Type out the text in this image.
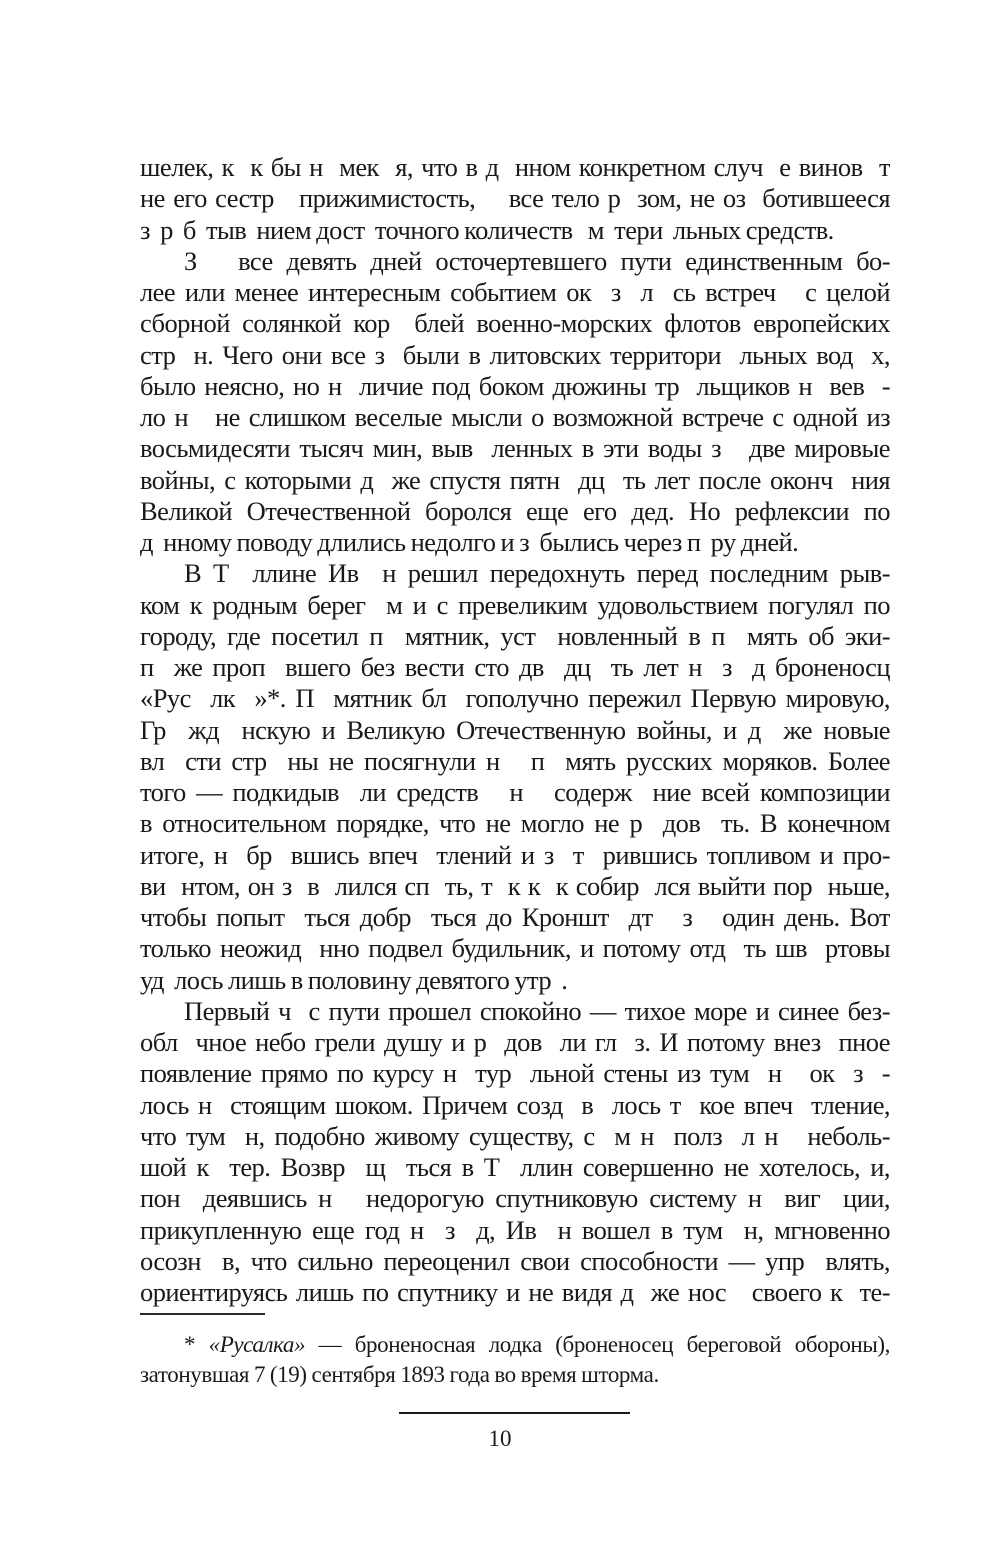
шелек, к  к бы н  мек  я, что в д  нном конкретном случ  е винов  т
не его сестр   прижимистость,    все тело р  зом, не оз  ботившееся
з  р  б  тыв  нием дост  точного количеств   м  тери  льных средств.
З   все девять дней осточертевшего пути единственным бо-
лее или менее интересным событием ок  з  л  сь встреч   с целой
сборной солянкой кор  блей военно-морских флотов европейских
стр  н. Чего они все з  были в литовских территори  льных вод  х,
было неясно, но н  личие под боком дюжины тр  льщиков н  вев  -
ло н   не слишком веселые мысли о возможной встрече с одной из
восьмидесяти тысяч мин, выв  ленных в эти воды з   две мировые
войны, с которыми д  же спустя пятн  дц  ть лет после оконч  ния
Великой Отечественной боролся еще его дед. Но рефлексии по
д  нному поводу длились недолго и з  былись через п  ру дней.
В Т  ллине Ив  н решил передохнуть перед последним рыв-
ком к родным берег  м и с превеликим удовольствием погулял по
городу, где посетил п  мятник, уст  новленный в п  мять об эки-
п  же проп  вшего без вести сто дв  дц  ть лет н  з  д броненосц
«Рус  лк  »*. П  мятник бл  гополучно пережил Первую мировую,
Гр  жд  нскую и Великую Отечественную войны, и д  же новые
вл  сти стр  ны не посягнули н   п  мять русских моряков. Более
того — подкидыв  ли средств   н   содерж  ние всей композиции
в относительном порядке, что не могло не р  дов  ть. В конечном
итоге, н  бр  вшись впеч  тлений и з  т  рившись топливом и про-
ви  нтом, он з  в  лился сп  ть, т  к к  к собир  лся выйти пор  ньше,
чтобы попыт  ться добр  ться до Кроншт  дт   з   один день. Вот
только неожид  нно подвел будильник, и потому отд  ть шв  ртовы
уд  лось лишь в половину девятого утр  .
Первый ч  с пути прошел спокойно — тихое море и синее без-
обл  чное небо грели душу и р  дов  ли гл  з. И потому внез  пное
появление прямо по курсу н  тур  льной стены из тум  н   ок  з  -
лось н  стоящим шоком. Причем созд  в  лось т  кое впеч  тление,
что тум  н, подобно живому существу, с  м н  полз  л н   неболь-
шой к  тер. Возвр  щ  ться в Т  ллин совершенно не хотелось, и,
пон  деявшись н   недорогую спутниковую систему н  виг  ции,
прикупленную еще год н  з  д, Ив  н вошел в тум  н, мгновенно
осозн  в, что сильно переоценил свои способности — упр  влять,
ориентируясь лишь по спутнику и не видя д  же нос   своего к  те-
* «Русалка» — броненосная лодка (броненосец береговой обороны),
затонувшая 7 (19) сентября 1893 года во время шторма.
10
